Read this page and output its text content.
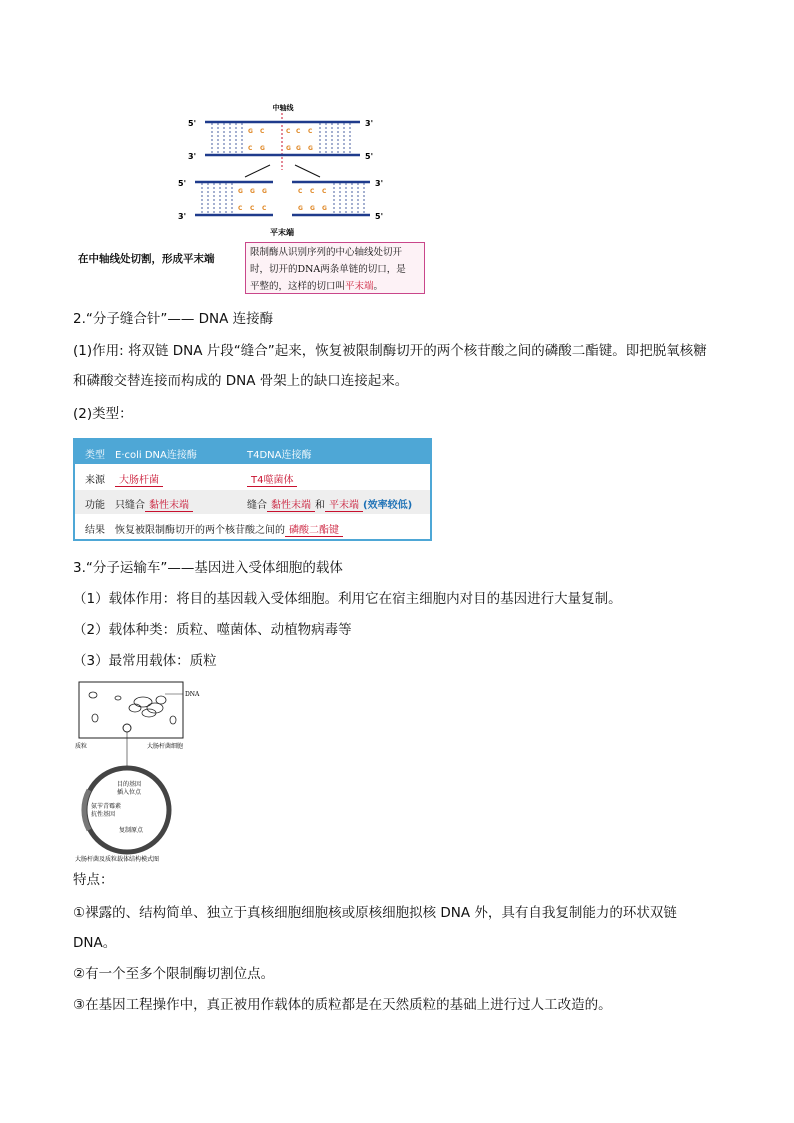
中轴线
G C	C C C
C G	G G G
5'	3'
3'	5'
G G G
C C C
C C C
G G G
5'	3'
3'	5'
平末端
在中轴线处切割，形成平末端
限制酶从识别序列的中心轴线处切开
时，切开的DNA两条单链的切口，是
平整的，这样的切口叫平末端。
2.“分子缝合针”—— DNA 连接酶
(1)作用: 将双链 DNA 片段“缝合”起来，恢复被限制酶切开的两个核苷酸之间的磷酸二酯键。即把脱氧核糖
和磷酸交替连接而构成的 DNA 骨架上的缺口连接起来。
(2)类型：
类型 E·coli DNA连接酶	T4DNA连接酶
来源	大肠杆菌	T4噬菌体
功能 只缝合 黏性末端	缝合 黏性末端 和 平末端 (效率较低)
结果 恢复被限制酶切开的两个核苷酸之间的 磷酸二酯键
3.“分子运输车”——基因进入受体细胞的载体
（1）载体作用：将目的基因载入受体细胞。利用它在宿主细胞内对目的基因进行大量复制。
（2）载体种类：质粒、噬菌体、动植物病毒等
（3）最常用载体：质粒
DNA
质粒	大肠杆菌细胞
目的基因
插入位点
氨苄青霉素
抗性基因
复制原点
大肠杆菌及质粒载体结构模式图
特点：
①裸露的、结构简单、独立于真核细胞细胞核或原核细胞拟核 DNA 外，具有自我复制能力的环状双链
DNA。
②有一个至多个限制酶切割位点。
③在基因工程操作中，真正被用作载体的质粒都是在天然质粒的基础上进行过人工改造的。
